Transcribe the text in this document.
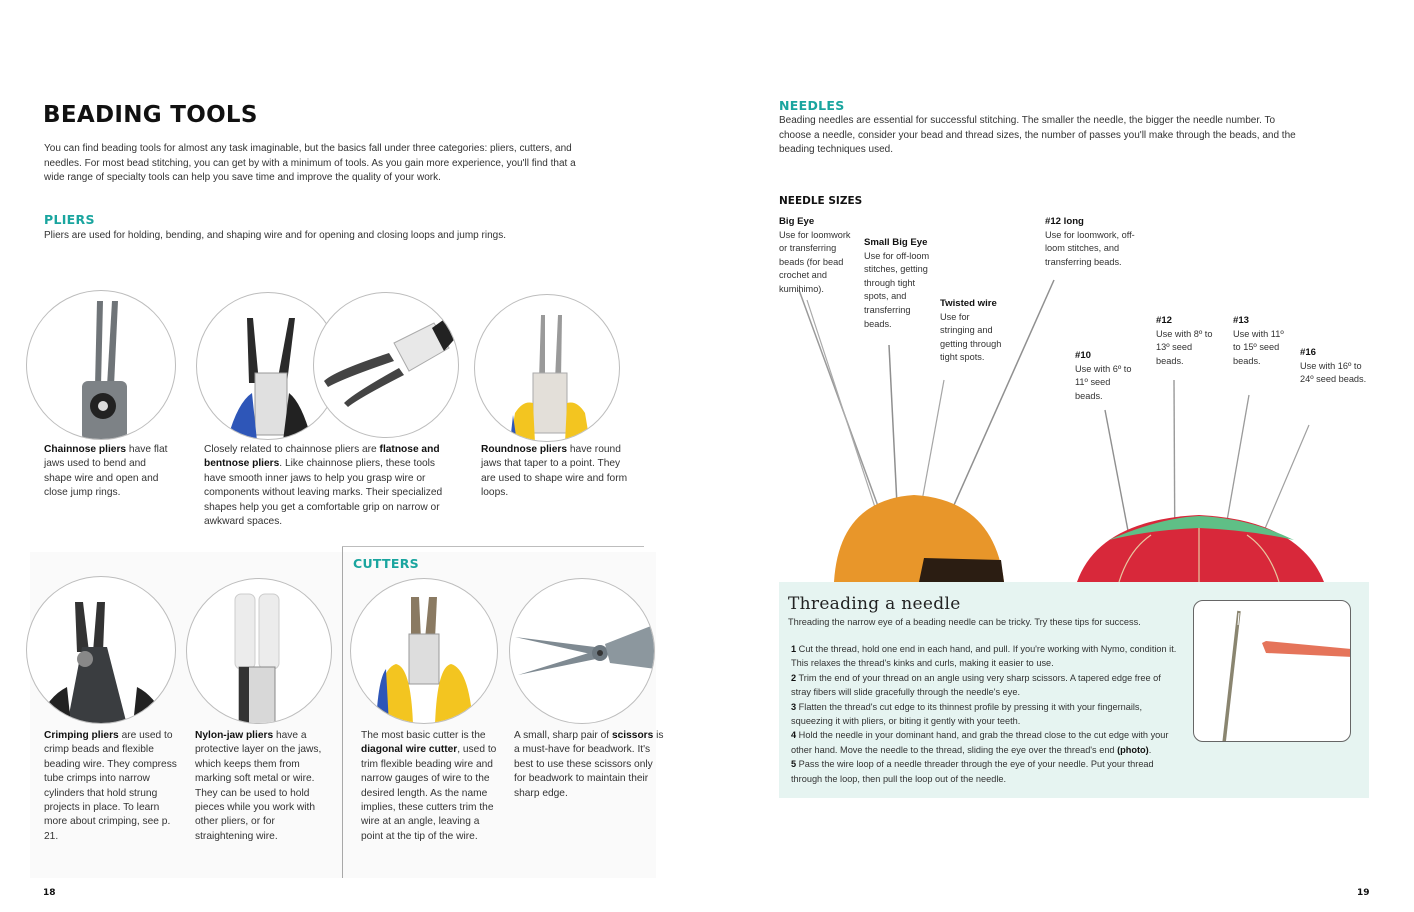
BEADING TOOLS
You can find beading tools for almost any task imaginable, but the basics fall under three categories: pliers, cutters, and needles. For most bead stitching, you can get by with a minimum of tools. As you gain more experience, you'll find that a wide range of specialty tools can help you save time and improve the quality of your work.
PLIERS
Pliers are used for holding, bending, and shaping wire and for opening and closing loops and jump rings.
Chainnose pliers have flat jaws used to bend and shape wire and open and close jump rings.
Closely related to chainnose pliers are flatnose and bentnose pliers. Like chainnose pliers, these tools have smooth inner jaws to help you grasp wire or components without leaving marks. Their specialized shapes help you get a comfortable grip on narrow or awkward spaces.
Roundnose pliers have round jaws that taper to a point. They are used to shape wire and form loops.
CUTTERS
Crimping pliers are used to crimp beads and flexible beading wire. They compress tube crimps into narrow cylinders that hold strung projects in place. To learn more about crimping, see p. 21.
Nylon-jaw pliers have a protective layer on the jaws, which keeps them from marking soft metal or wire. They can be used to hold pieces while you work with other pliers, or for straightening wire.
The most basic cutter is the diagonal wire cutter, used to trim flexible beading wire and narrow gauges of wire to the desired length. As the name implies, these cutters trim the wire at an angle, leaving a point at the tip of the wire.
A small, sharp pair of scissors is a must-have for beadwork. It's best to use these scissors only for beadwork to maintain their sharp edge.
18
NEEDLES
Beading needles are essential for successful stitching. The smaller the needle, the bigger the needle number. To choose a needle, consider your bead and thread sizes, the number of passes you'll make through the beads, and the beading techniques used.
NEEDLE SIZES
Big Eye
Use for loomwork or transferring beads (for bead crochet and kumihimo).
Small Big Eye
Use for off-loom stitches, getting through tight spots, and transferring beads.
Twisted wire
Use for stringing and getting through tight spots.
#12 long
Use for loomwork, off-loom stitches, and transferring beads.
#10
Use with 6º to 11º seed beads.
#12
Use with 8º to 13º seed beads.
#13
Use with 11º to 15º seed beads.
#16
Use with 16º to 24º seed beads.
Threading a needle
Threading the narrow eye of a beading needle can be tricky. Try these tips for success.
1 Cut the thread, hold one end in each hand, and pull. If you're working with Nymo, condition it. This relaxes the thread's kinks and curls, making it easier to use.
2 Trim the end of your thread on an angle using very sharp scissors. A tapered edge free of stray fibers will slide gracefully through the needle's eye.
3 Flatten the thread's cut edge to its thinnest profile by pressing it with your fingernails, squeezing it with pliers, or biting it gently with your teeth.
4 Hold the needle in your dominant hand, and grab the thread close to the cut edge with your other hand. Move the needle to the thread, sliding the eye over the thread's end (photo).
5 Pass the wire loop of a needle threader through the eye of your needle. Put your thread through the loop, then pull the loop out of the needle.
19
